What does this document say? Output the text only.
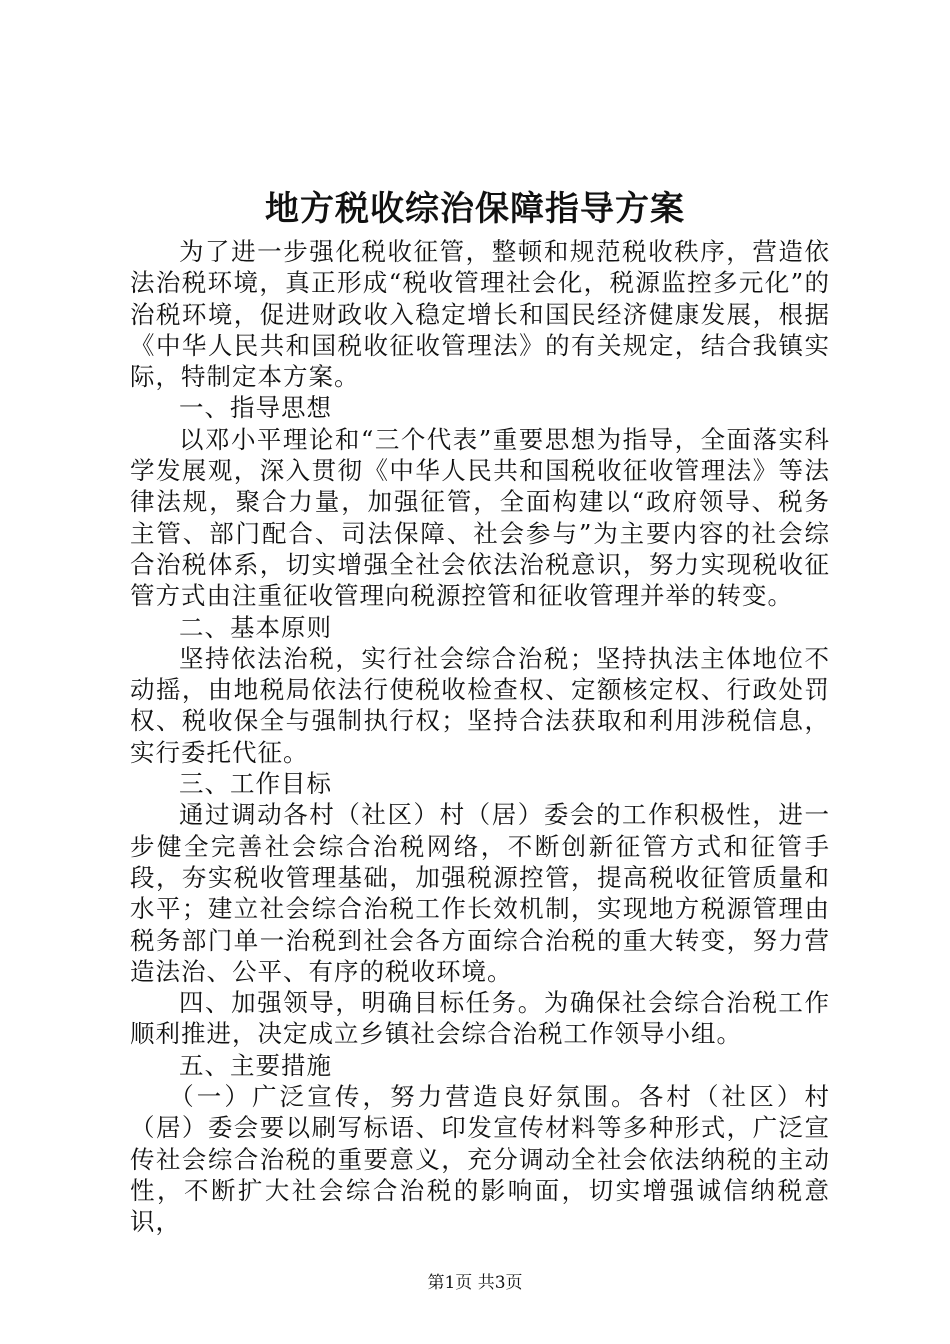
地方税收综治保障指导方案

为了进一步强化税收征管，整顿和规范税收秩序，营造依法治税环境，真正形成“税收管理社会化，税源监控多元化”的治税环境，促进财政收入稳定增长和国民经济健康发展，根据《中华人民共和国税收征收管理法》的有关规定，结合我镇实际，特制定本方案。

一、指导思想

以邓小平理论和“三个代表”重要思想为指导，全面落实科学发展观，深入贯彻《中华人民共和国税收征收管理法》等法律法规，聚合力量，加强征管，全面构建以“政府领导、税务主管、部门配合、司法保障、社会参与”为主要内容的社会综合治税体系，切实增强全社会依法治税意识，努力实现税收征管方式由注重征收管理向税源控管和征收管理并举的转变。

二、基本原则

坚持依法治税，实行社会综合治税；坚持执法主体地位不动摇，由地税局依法行使税收检查权、定额核定权、行政处罚权、税收保全与强制执行权；坚持合法获取和利用涉税信息，实行委托代征。

三、工作目标

通过调动各村（社区）村（居）委会的工作积极性，进一步健全完善社会综合治税网络，不断创新征管方式和征管手段，夯实税收管理基础，加强税源控管，提高税收征管质量和水平；建立社会综合治税工作长效机制，实现地方税源管理由税务部门单一治税到社会各方面综合治税的重大转变，努力营造法治、公平、有序的税收环境。

四、加强领导，明确目标任务。为确保社会综合治税工作顺利推进，决定成立乡镇社会综合治税工作领导小组。

五、主要措施

（一）广泛宣传，努力营造良好氛围。各村（社区）村（居）委会要以刷写标语、印发宣传材料等多种形式，广泛宣传社会综合治税的重要意义，充分调动全社会依法纳税的主动性，不断扩大社会综合治税的影响面，切实增强诚信纳税意识，

第1页 共3页
